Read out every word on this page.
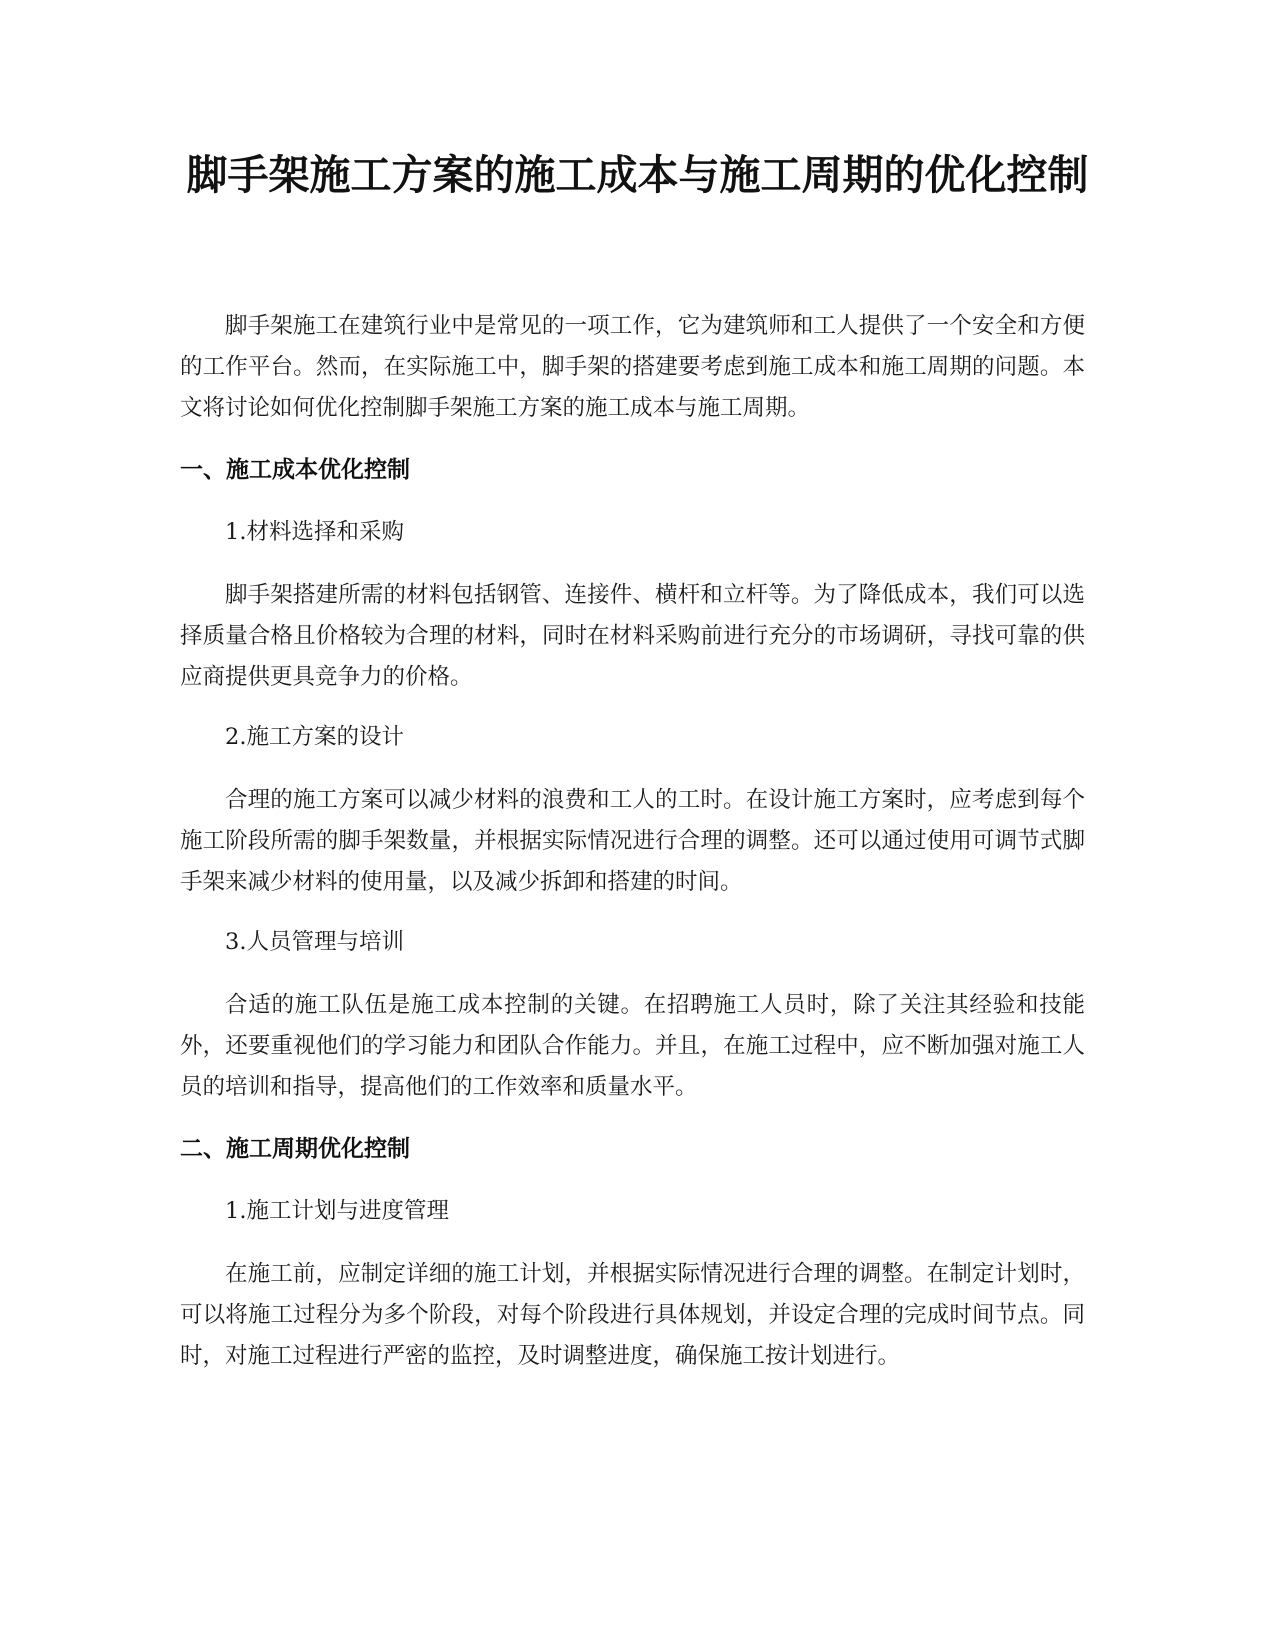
脚手架施工方案的施工成本与施工周期的优化控制

脚手架施工在建筑行业中是常见的一项工作，它为建筑师和工人提供了一个安全和方便的工作平台。然而，在实际施工中，脚手架的搭建要考虑到施工成本和施工周期的问题。本文将讨论如何优化控制脚手架施工方案的施工成本与施工周期。

一、施工成本优化控制

1.材料选择和采购

脚手架搭建所需的材料包括钢管、连接件、横杆和立杆等。为了降低成本，我们可以选择质量合格且价格较为合理的材料，同时在材料采购前进行充分的市场调研，寻找可靠的供应商提供更具竞争力的价格。

2.施工方案的设计

合理的施工方案可以减少材料的浪费和工人的工时。在设计施工方案时，应考虑到每个施工阶段所需的脚手架数量，并根据实际情况进行合理的调整。还可以通过使用可调节式脚手架来减少材料的使用量，以及减少拆卸和搭建的时间。

3.人员管理与培训

合适的施工队伍是施工成本控制的关键。在招聘施工人员时，除了关注其经验和技能外，还要重视他们的学习能力和团队合作能力。并且，在施工过程中，应不断加强对施工人员的培训和指导，提高他们的工作效率和质量水平。

二、施工周期优化控制

1.施工计划与进度管理

在施工前，应制定详细的施工计划，并根据实际情况进行合理的调整。在制定计划时，可以将施工过程分为多个阶段，对每个阶段进行具体规划，并设定合理的完成时间节点。同时，对施工过程进行严密的监控，及时调整进度，确保施工按计划进行。
